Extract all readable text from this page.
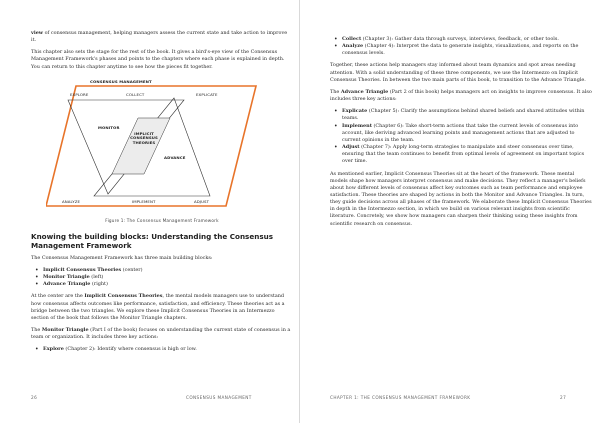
view of consensus management, helping managers assess the current state and take action to improve it.

This chapter also sets the stage for the rest of the book. It gives a bird's-eye view of the Consensus Management Framework's phases and points to the chapters where each phase is explained in depth. You can return to this chapter anytime to see how the pieces fit together.

CONSENSUS MANAGEMENT
EXPLORE	COLLECT	EXPLICATE
MONITOR
IMPLICIT
CONSENSUS
THEORIES
ADVANCE
ANALYZE	IMPLEMENT	ADJUST
Figure 1: The Consensus Management Framework
Knowing the building blocks: Understanding the Consensus Management Framework

The Consensus Management Framework has three main building blocks:

• Implicit Consensus Theories (center)
• Monitor Triangle (left)
• Advance Triangle (right)

At the center are the Implicit Consensus Theories, the mental models managers use to understand how consensus affects outcomes like performance, satisfaction, and efficiency. These theories act as a bridge between the two triangles. We explore these Implicit Consensus Theories in an Intermezzo section of the book that follows the Monitor Triangle chapters.

The Monitor Triangle (Part I of the book) focuses on understanding the current state of consensus in a team or organization. It includes three key actions:

• Explore (Chapter 2): Identify where consensus is high or low.
26	CONSENSUS MANAGEMENT
• Collect (Chapter 3): Gather data through surveys, interviews, feedback, or other tools.
• Analyze (Chapter 4): Interpret the data to generate insights, visualizations, and reports on the consensus levels.

Together, these actions help managers stay informed about team dynamics and spot areas needing attention. With a solid understanding of these three components, we use the Intermezzo on Implicit Consensus Theories. In between the two main parts of this book, to transition to the Advance Triangle.

The Advance Triangle (Part 2 of this book) helps managers act on insights to improve consensus. It also includes three key actions:

• Explicate (Chapter 5): Clarify the assumptions behind shared beliefs and shared attitudes within teams.
• Implement (Chapter 6): Take short-term actions that take the current levels of consensus into account, like deriving advanced learning points and management actions that are adjusted to current opinions in the team.
• Adjust (Chapter 7): Apply long-term strategies to manipulate and steer consensus over time, ensuring that the team continues to benefit from optimal levels of agreement on important topics over time.

As mentioned earlier, Implicit Consensus Theories sit at the heart of the framework. These mental models shape how managers interpret consensus and make decisions. They reflect a manager's beliefs about how different levels of consensus affect key outcomes such as team performance and employee satisfaction. These theories are shaped by actions in both the Monitor and Advance Triangles. In turn, they guide decisions across all phases of the framework. We elaborate these Implicit Consensus Theories in depth in the Intermezzo section, in which we build on various relevant insights from scientific literature. Concretely, we show how managers can sharpen their thinking using these insights from scientific research on consensus.

CHAPTER 1: THE CONSENSUS MANAGEMENT FRAMEWORK	27
